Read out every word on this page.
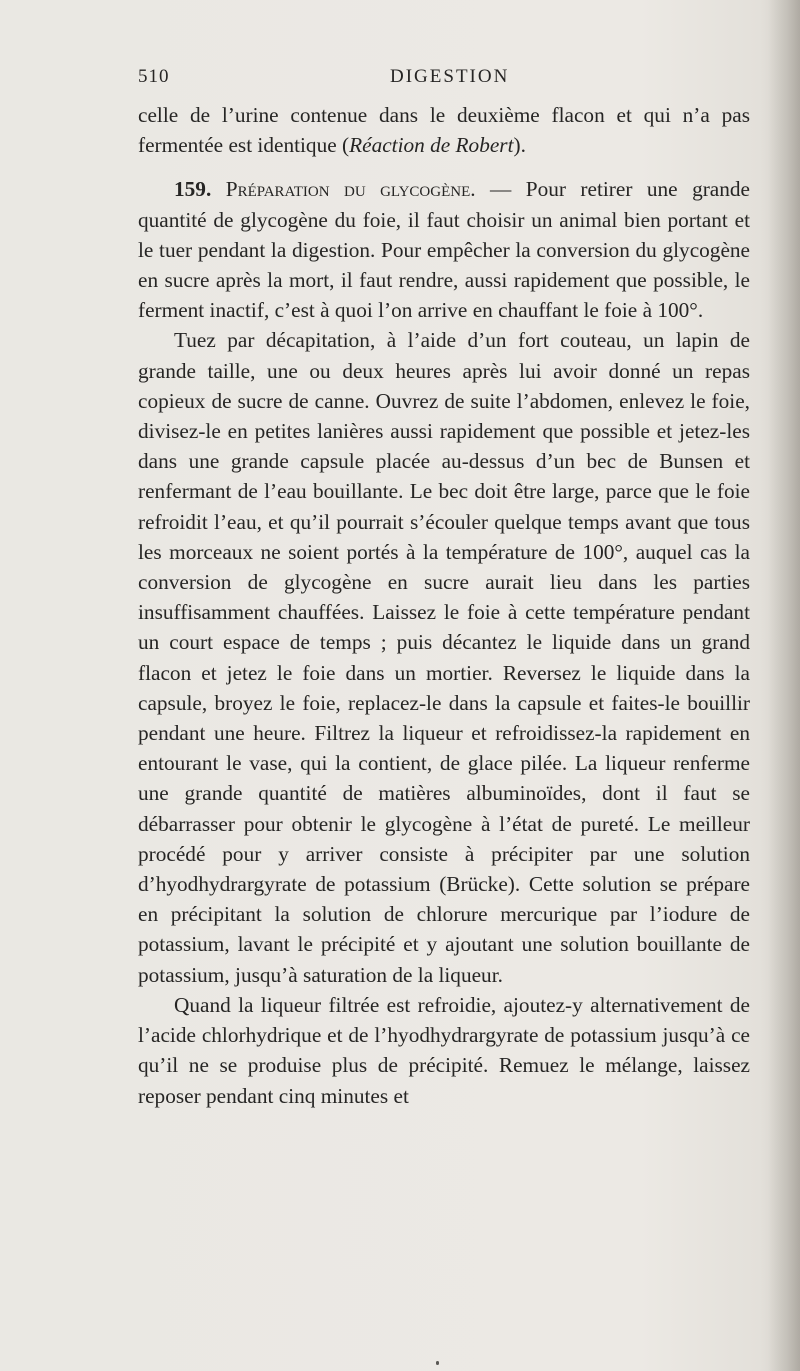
510	DIGESTION

celle de l’urine contenue dans le deuxième flacon et qui n’a pas fermentée est identique (Réaction de Robert).

159. Préparation du glycogène. — Pour retirer une grande quantité de glycogène du foie, il faut choisir un animal bien portant et le tuer pendant la digestion. Pour empêcher la conversion du glycogène en sucre après la mort, il faut rendre, aussi rapidement que possible, le ferment inactif, c’est à quoi l’on arrive en chauffant le foie à 100°.

Tuez par décapitation, à l’aide d’un fort couteau, un lapin de grande taille, une ou deux heures après lui avoir donné un repas copieux de sucre de canne. Ouvrez de suite l’abdomen, enlevez le foie, divisez-le en petites lanières aussi rapidement que possible et jetez-les dans une grande capsule placée au-dessus d’un bec de Bunsen et renfermant de l’eau bouillante. Le bec doit être large, parce que le foie refroidit l’eau, et qu’il pourrait s’écouler quelque temps avant que tous les morceaux ne soient portés à la température de 100°, auquel cas la conversion de glycogène en sucre aurait lieu dans les parties insuffisamment chauffées. Laissez le foie à cette température pendant un court espace de temps ; puis décantez le liquide dans un grand flacon et jetez le foie dans un mortier. Reversez le liquide dans la capsule, broyez le foie, replacez-le dans la capsule et faites-le bouillir pendant une heure. Filtrez la liqueur et refroidissez-la rapidement en entourant le vase, qui la contient, de glace pilée. La liqueur renferme une grande quantité de matières albuminoïdes, dont il faut se débarrasser pour obtenir le glycogène à l’état de pureté. Le meilleur procédé pour y arriver consiste à précipiter par une solution d’hyodhydrargyrate de potassium (Brücke). Cette solution se prépare en précipitant la solution de chlorure mercurique par l’iodure de potassium, lavant le précipité et y ajoutant une solution bouillante de potassium, jusqu’à saturation de la liqueur.

Quand la liqueur filtrée est refroidie, ajoutez-y alternativement de l’acide chlorhydrique et de l’hyodhydrargyrate de potassium jusqu’à ce qu’il ne se produise plus de précipité. Remuez le mélange, laissez reposer pendant cinq minutes et
